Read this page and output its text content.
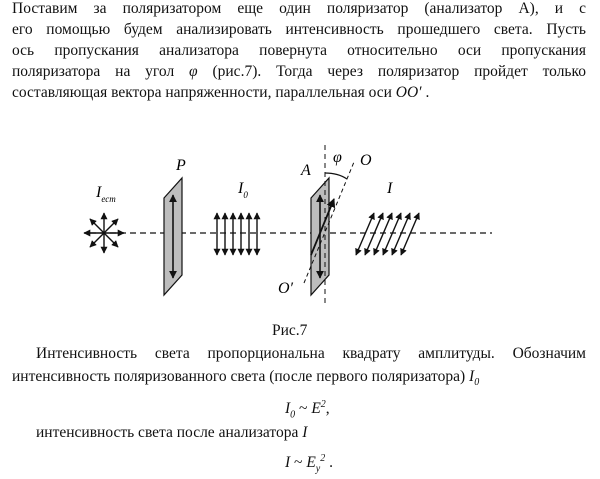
Поставим за поляризатором еще один поляризатор (анализатор A), и с
его помощью будем анализировать интенсивность прошедшего света. Пусть
ось пропускания анализатора повернута относительно оси пропускания
поляризатора на угол φ (рис.7). Тогда через поляризатор пройдет только
составляющая вектора напряженности, параллельная оси OO′ .
$I_{ест}$
P
$I_0$
A
φ O
O′
I
Рис.7
Интенсивность света пропорциональна квадрату амплитуды. Обозначим
интенсивность поляризованного света (после первого поляризатора) $I_0$
$I_0$ ~ $E^2$,
интенсивность света после анализатора I
I ~ $E_y^2$ .
